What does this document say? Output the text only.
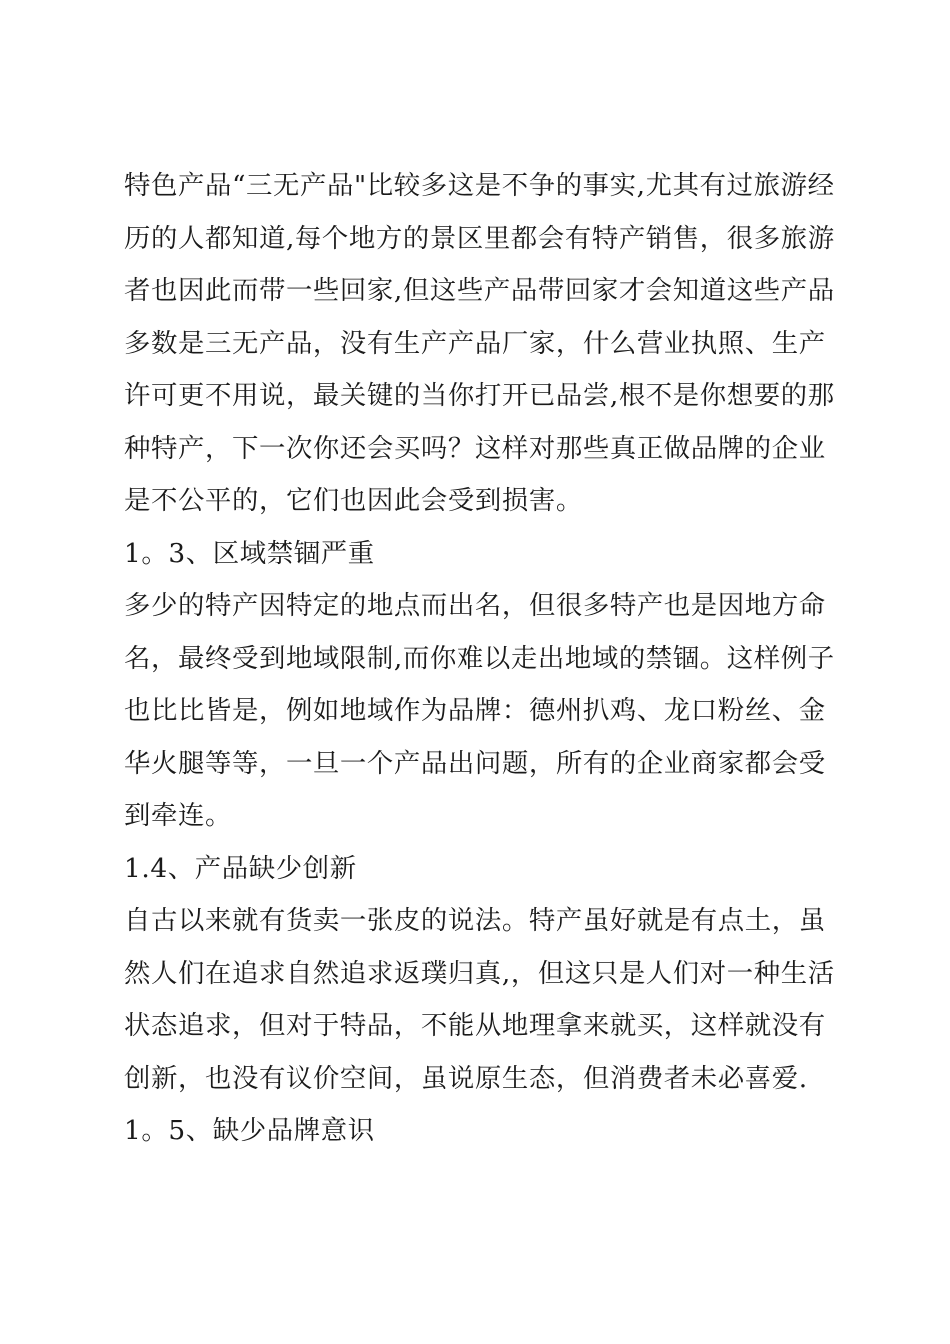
特色产品“三无产品"比较多这是不争的事实,尤其有过旅游经
历的人都知道,每个地方的景区里都会有特产销售，很多旅游
者也因此而带一些回家,但这些产品带回家才会知道这些产品
多数是三无产品，没有生产产品厂家，什么营业执照、生产
许可更不用说，最关键的当你打开已品尝,根不是你想要的那
种特产，下一次你还会买吗？这样对那些真正做品牌的企业
是不公平的，它们也因此会受到损害。

1。3、区域禁锢严重

多少的特产因特定的地点而出名，但很多特产也是因地方命
名，最终受到地域限制,而你难以走出地域的禁锢。这样例子
也比比皆是，例如地域作为品牌：德州扒鸡、龙口粉丝、金
华火腿等等，一旦一个产品出问题，所有的企业商家都会受
到牵连。

1.4、产品缺少创新

自古以来就有货卖一张皮的说法。特产虽好就是有点土，虽
然人们在追求自然追求返璞归真,，但这只是人们对一种生活
状态追求，但对于特品，不能从地理拿来就买，这样就没有
创新，也没有议价空间，虽说原生态，但消费者未必喜爱.

1。5、缺少品牌意识
